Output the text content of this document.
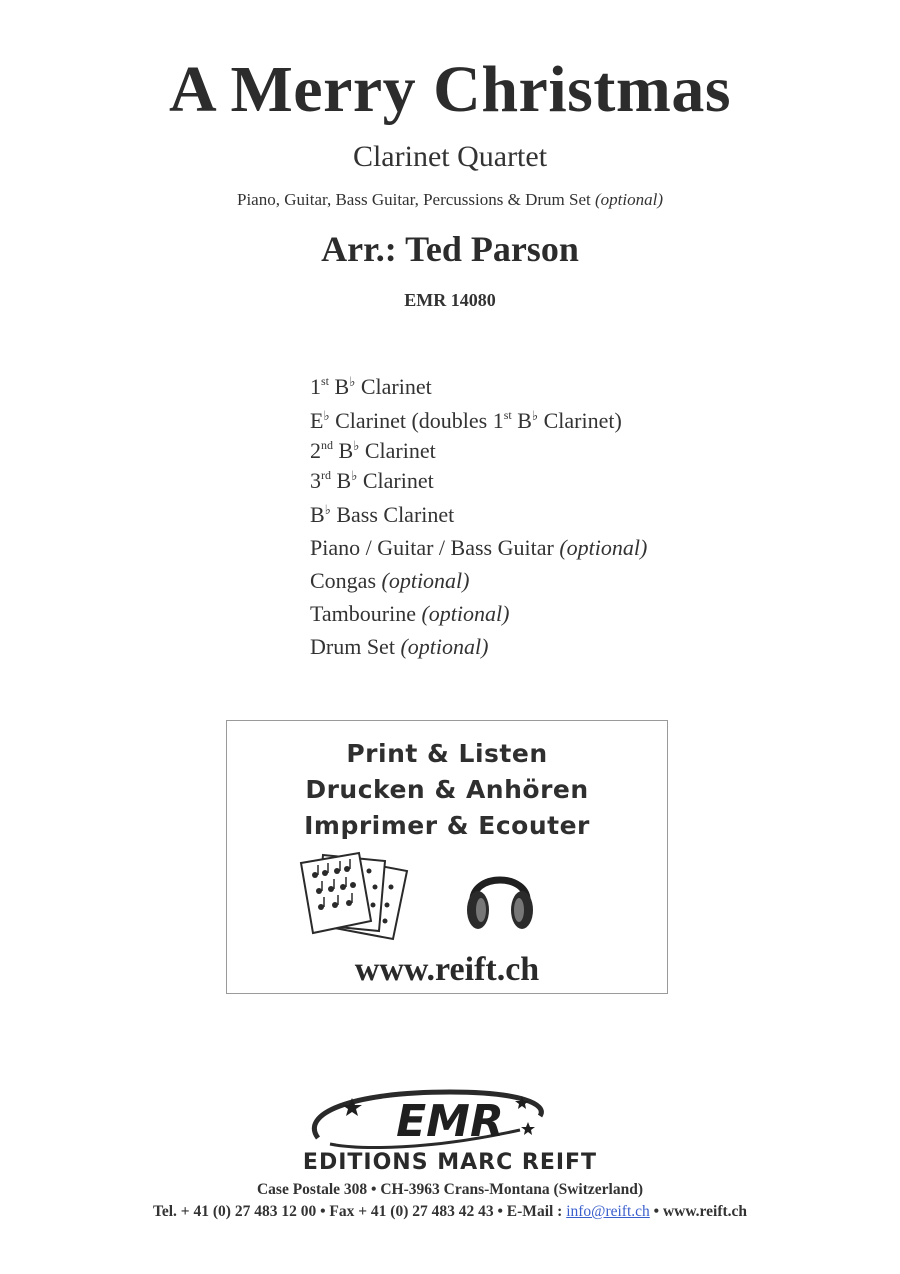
A Merry Christmas
Clarinet Quartet
Piano, Guitar, Bass Guitar, Percussions & Drum Set (optional)
Arr.: Ted Parson
EMR 14080
1st B♭ Clarinet
E♭ Clarinet (doubles 1st B♭ Clarinet)
2nd B♭ Clarinet
3rd B♭ Clarinet
B♭ Bass Clarinet
Piano / Guitar / Bass Guitar (optional)
Congas (optional)
Tambourine (optional)
Drum Set (optional)
Print & Listen
Drucken & Anhören
Imprimer & Ecouter
www.reift.ch
EMR
EDITIONS MARC REIFT
Case Postale 308 • CH-3963 Crans-Montana (Switzerland)
Tel. + 41 (0) 27 483 12 00 • Fax + 41 (0) 27 483 42 43 • E-Mail : info@reift.ch • www.reift.ch
